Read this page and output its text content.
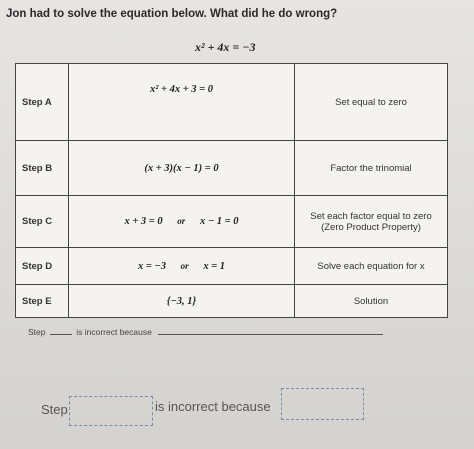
Jon had to solve the equation below. What did he do wrong?
x² + 4x = −3
Step A	x² + 4x + 3 = 0	Set equal to zero
Step B	(x + 3)(x − 1) = 0	Factor the trinomial
Step C	x + 3 = 0 or x − 1 = 0	Set each factor equal to zero
(Zero Product Property)

Step D	x = −3 or x = 1	Solve each equation for x
Step E	{−3, 1}	Solution
Step	is incorrect because
Step	is incorrect because
